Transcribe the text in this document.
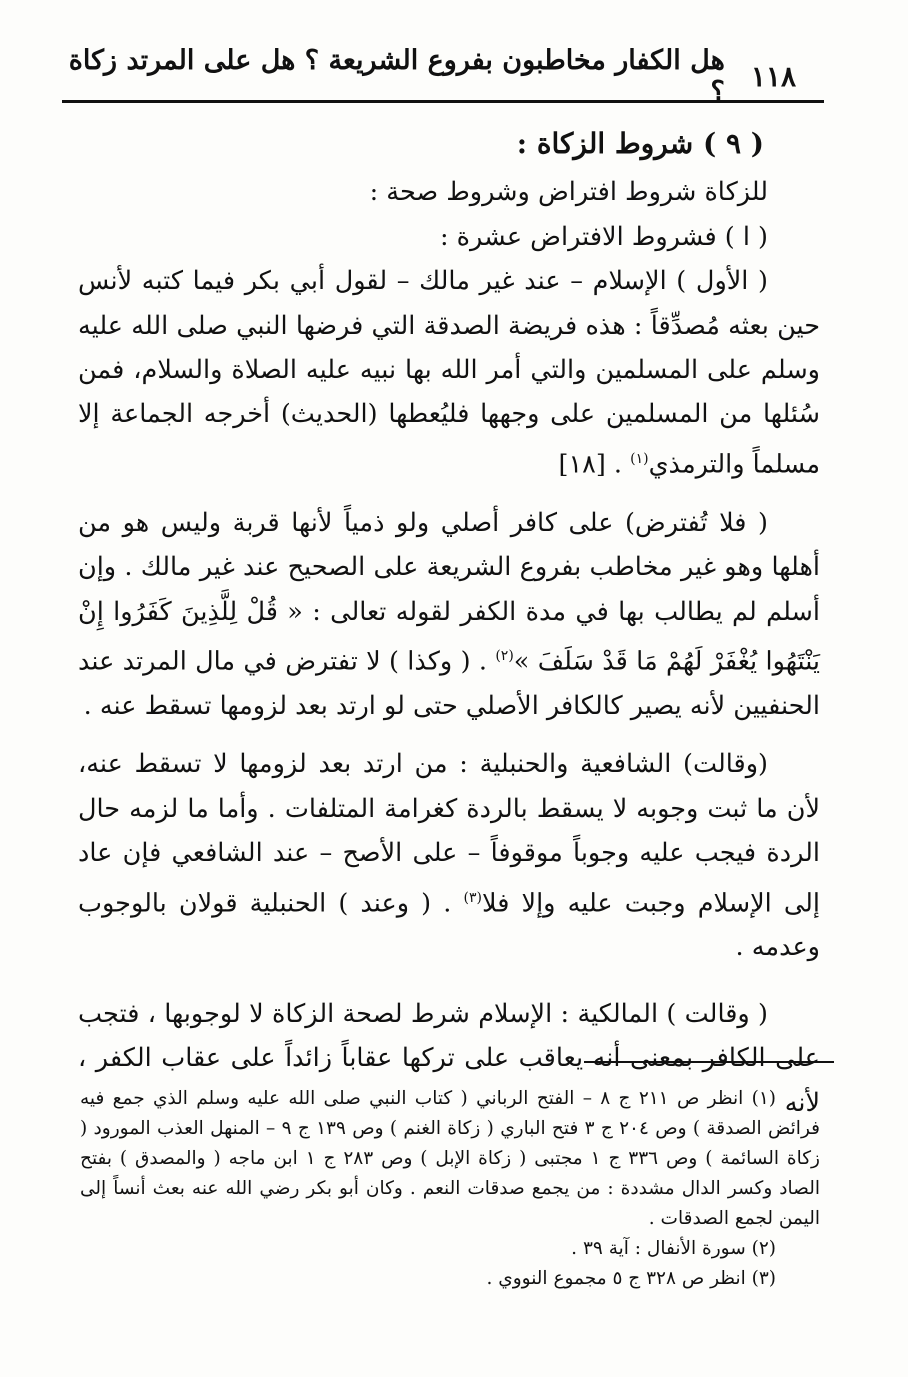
١١٨
هل الكفار مخاطبون بفروع الشريعة ؟ هل على المرتد زكاة ؟

( ٩ ) شروط الزكاة :

للزكاة شروط افتراض وشروط صحة :

( ا ) فشروط الافتراض عشرة :

( الأول ) الإسلام – عند غير مالك – لقول أبي بكر فيما كتبه لأنس حين بعثه مُصدِّقاً : هذه فريضة الصدقة التي فرضها النبي صلى الله عليه وسلم على المسلمين والتي أمر الله بها نبيه عليه الصلاة والسلام، فمن سُئلها من المسلمين على وجهها فليُعطها (الحديث) أخرجه الجماعة إلا مسلماً والترمذي$^{(١)}$ . [١٨]

( فلا تُفترض) على كافر أصلي ولو ذمياً لأنها قربة وليس هو من أهلها وهو غير مخاطب بفروع الشريعة على الصحيح عند غير مالك . وإن أسلم لم يطالب بها في مدة الكفر لقوله تعالى : « قُلْ لِلَّذِينَ كَفَرُوا إِنْ يَنْتَهُوا يُغْفَرْ لَهُمْ مَا قَدْ سَلَفَ »$^{(٢)}$ . ( وكذا ) لا تفترض في مال المرتد عند الحنفيين لأنه يصير كالكافر الأصلي حتى لو ارتد بعد لزومها تسقط عنه .

(وقالت) الشافعية والحنبلية : من ارتد بعد لزومها لا تسقط عنه، لأن ما ثبت وجوبه لا يسقط بالردة كغرامة المتلفات . وأما ما لزمه حال الردة فيجب عليه وجوباً موقوفاً – على الأصح – عند الشافعي فإن عاد إلى الإسلام وجبت عليه وإلا فلا$^{(٣)}$ . ( وعند ) الحنبلية قولان بالوجوب وعدمه .

( وقالت ) المالكية : الإسلام شرط لصحة الزكاة لا لوجوبها ، فتجب على الكافر بمعنى أنه يعاقب على تركها عقاباً زائداً على عقاب الكفر ، لأنه

(١) انظر ص ٢١١ ج ٨ – الفتح الرباني ( كتاب النبي صلى الله عليه وسلم الذي جمع فيه فرائض الصدقة ) وص ٢٠٤ ج ٣ فتح الباري ( زكاة الغنم ) وص ١٣٩ ج ٩ – المنهل العذب المورود ( زكاة السائمة ) وص ٣٣٦ ج ١ مجتبى ( زكاة الإبل ) وص ٢٨٣ ج ١ ابن ماجه ( والمصدق ) بفتح الصاد وكسر الدال مشددة : من يجمع صدقات النعم . وكان أبو بكر رضي الله عنه بعث أنساً إلى اليمن لجمع الصدقات .

(٢) سورة الأنفال : آية ٣٩ .

(٣) انظر ص ٣٢٨ ج ٥ مجموع النووي .
